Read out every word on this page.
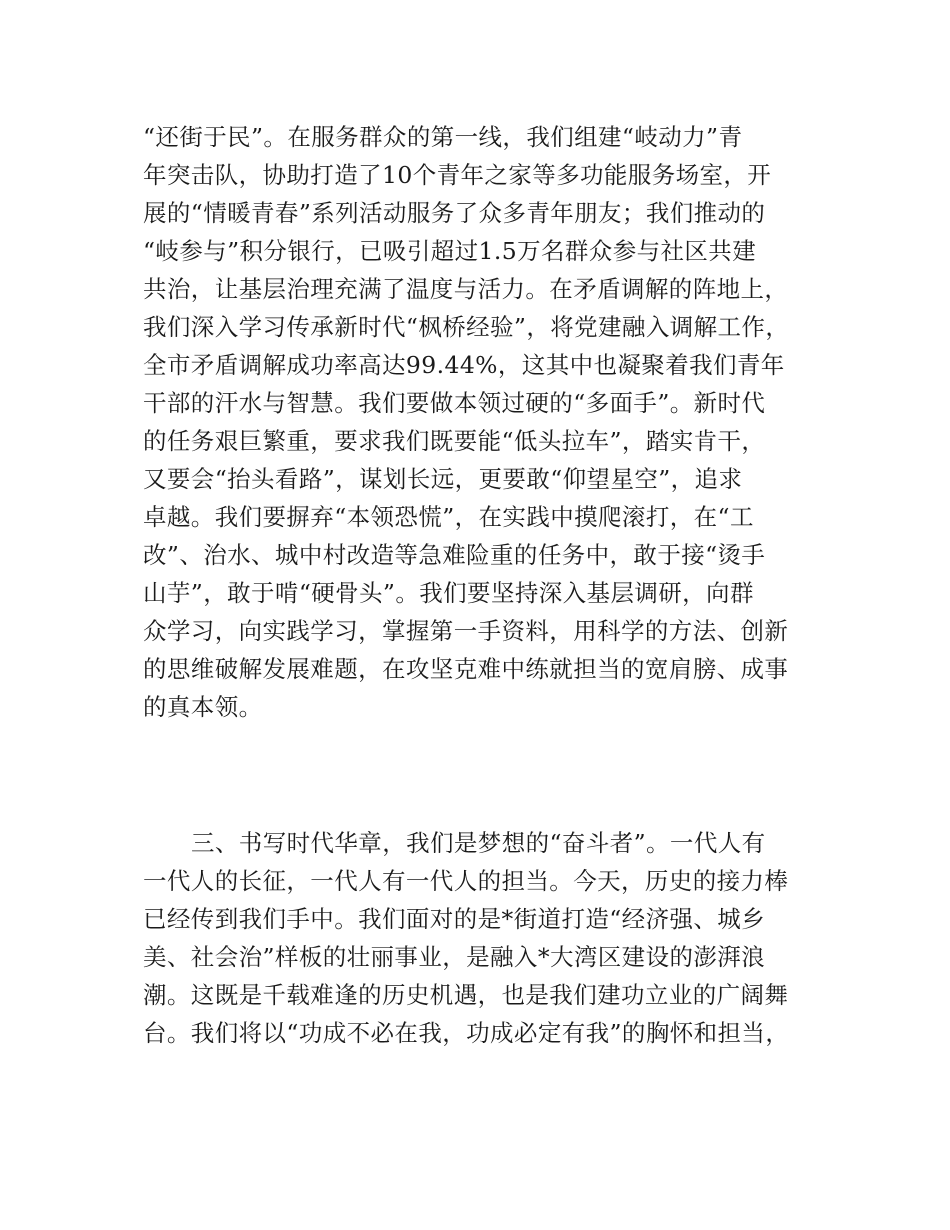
“还街于民”。在服务群众的第一线，我们组建“岐动力”青
年突击队，协助打造了10个青年之家等多功能服务场室，开
展的“情暖青春”系列活动服务了众多青年朋友；我们推动的
“岐参与”积分银行，已吸引超过1.5万名群众参与社区共建
共治，让基层治理充满了温度与活力。在矛盾调解的阵地上，
我们深入学习传承新时代“枫桥经验”，将党建融入调解工作，
全市矛盾调解成功率高达99.44%，这其中也凝聚着我们青年
干部的汗水与智慧。我们要做本领过硬的“多面手”。新时代
的任务艰巨繁重，要求我们既要能“低头拉车”，踏实肯干，
又要会“抬头看路”，谋划长远，更要敢“仰望星空”，追求
卓越。我们要摒弃“本领恐慌”，在实践中摸爬滚打，在“工
改”、治水、城中村改造等急难险重的任务中，敢于接“烫手
山芋”，敢于啃“硬骨头”。我们要坚持深入基层调研，向群
众学习，向实践学习，掌握第一手资料，用科学的方法、创新
的思维破解发展难题，在攻坚克难中练就担当的宽肩膀、成事
的真本领。
三、书写时代华章，我们是梦想的“奋斗者”。一代人有
一代人的长征，一代人有一代人的担当。今天，历史的接力棒
已经传到我们手中。我们面对的是*街道打造“经济强、城乡
美、社会治”样板的壮丽事业，是融入*大湾区建设的澎湃浪
潮。这既是千载难逢的历史机遇，也是我们建功立业的广阔舞
台。我们将以“功成不必在我，功成必定有我”的胸怀和担当，
